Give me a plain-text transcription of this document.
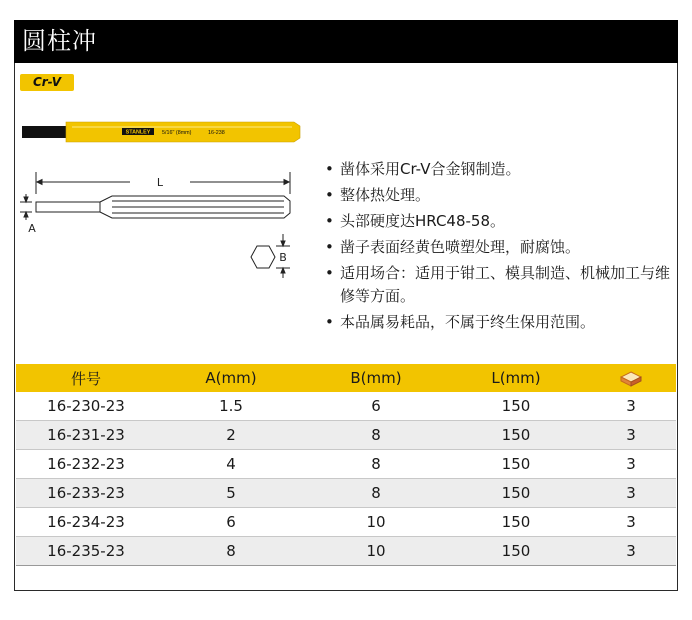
圆柱冲
Cr-V
STANLEY 5/16" (8mm)	16-238
L
A
B
• 凿体采用Cr-V合金钢制造。
• 整体热处理。
• 头部硬度达HRC48-58。
• 凿子表面经黄色喷塑处理，耐腐蚀。
• 适用场合：适用于钳工、模具制造、机械加工与维修等方面。
• 本品属易耗品，不属于终生保用范围。
件号	A(mm)	B(mm)	L(mm)	
16-230-23	1.5	6	150	3
16-231-23	2	8	150	3
16-232-23	4	8	150	3
16-233-23	5	8	150	3
16-234-23	6	10	150	3
16-235-23	8	10	150	3
